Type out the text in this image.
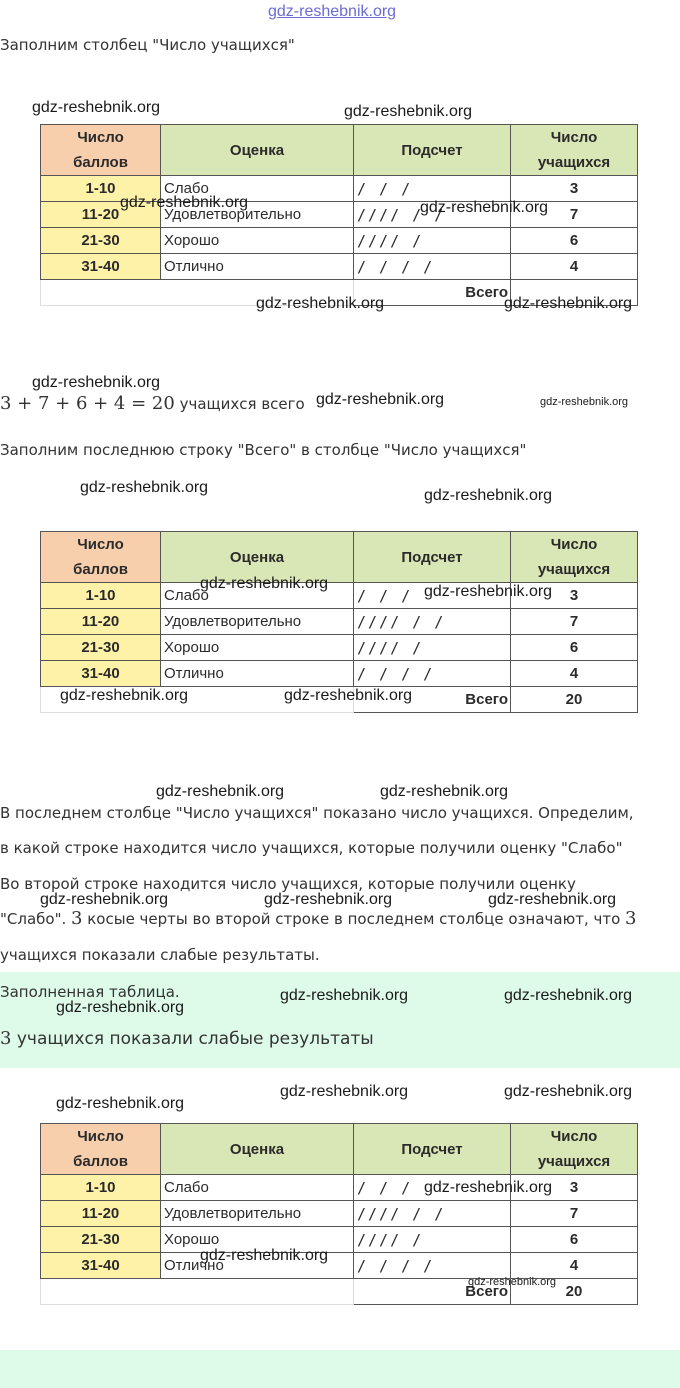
gdz-reshebnik.org
Заполним столбец "Число учащихся"
gdz-reshebnik.org	gdz-reshebnik.org
Число
баллов	Оценка	Подсчет	Число
учащихся
1-10	Слабо	/ / /	3
11-20	Удовлетворительно	//// / /	7
21-30	Хорошо	//// /	6
31-40	Отлично	/ / / /	4
		Всего	
gdz-reshebnik.org	gdz-reshebnik.org
gdz-reshebnik.org	gdz-reshebnik.org
gdz-reshebnik.org
3 + 7 + 6 + 4 = 20 учащихся всего gdz-reshebnik.org	gdz-reshebnik.org
Заполним последнюю строку "Всего" в столбце "Число учащихся"
gdz-reshebnik.org	gdz-reshebnik.org
Число
баллов	Оценка	Подсчет	Число
учащихся
1-10	Слабо	/ / /	3
11-20	Удовлетворительно	//// / /	7
21-30	Хорошо	//// /	6
31-40	Отлично	/ / / /	4
		Всего	20
gdz-reshebnik.org	gdz-reshebnik.org
gdz-reshebnik.org	gdz-reshebnik.org
gdz-reshebnik.org	gdz-reshebnik.org
В последнем столбце "Число учащихся" показано число учащихся. Определим,
в какой строке находится число учащихся, которые получили оценку "Слабо"
Во второй строке находится число учащихся, которые получили оценку
gdz-reshebnik.org	gdz-reshebnik.org	gdz-reshebnik.org
"Слабо". 3 косые черты во второй строке в последнем столбце означают, что 3
учащихся показали слабые результаты.
Заполненная таблица.
gdz-reshebnik.org
gdz-reshebnik.org	gdz-reshebnik.org
3 учащихся показали слабые результаты
gdz-reshebnik.org	gdz-reshebnik.org
gdz-reshebnik.org
Число
баллов	Оценка	Подсчет	Число
учащихся
1-10	Слабо	/ / /	3
11-20	Удовлетворительно	//// / /	7
21-30	Хорошо	//// /	6
31-40	Отлично	/ / / /	4
		Всего	20
gdz-reshebnik.org
gdz-reshebnik.org
gdz-reshebnik.org
